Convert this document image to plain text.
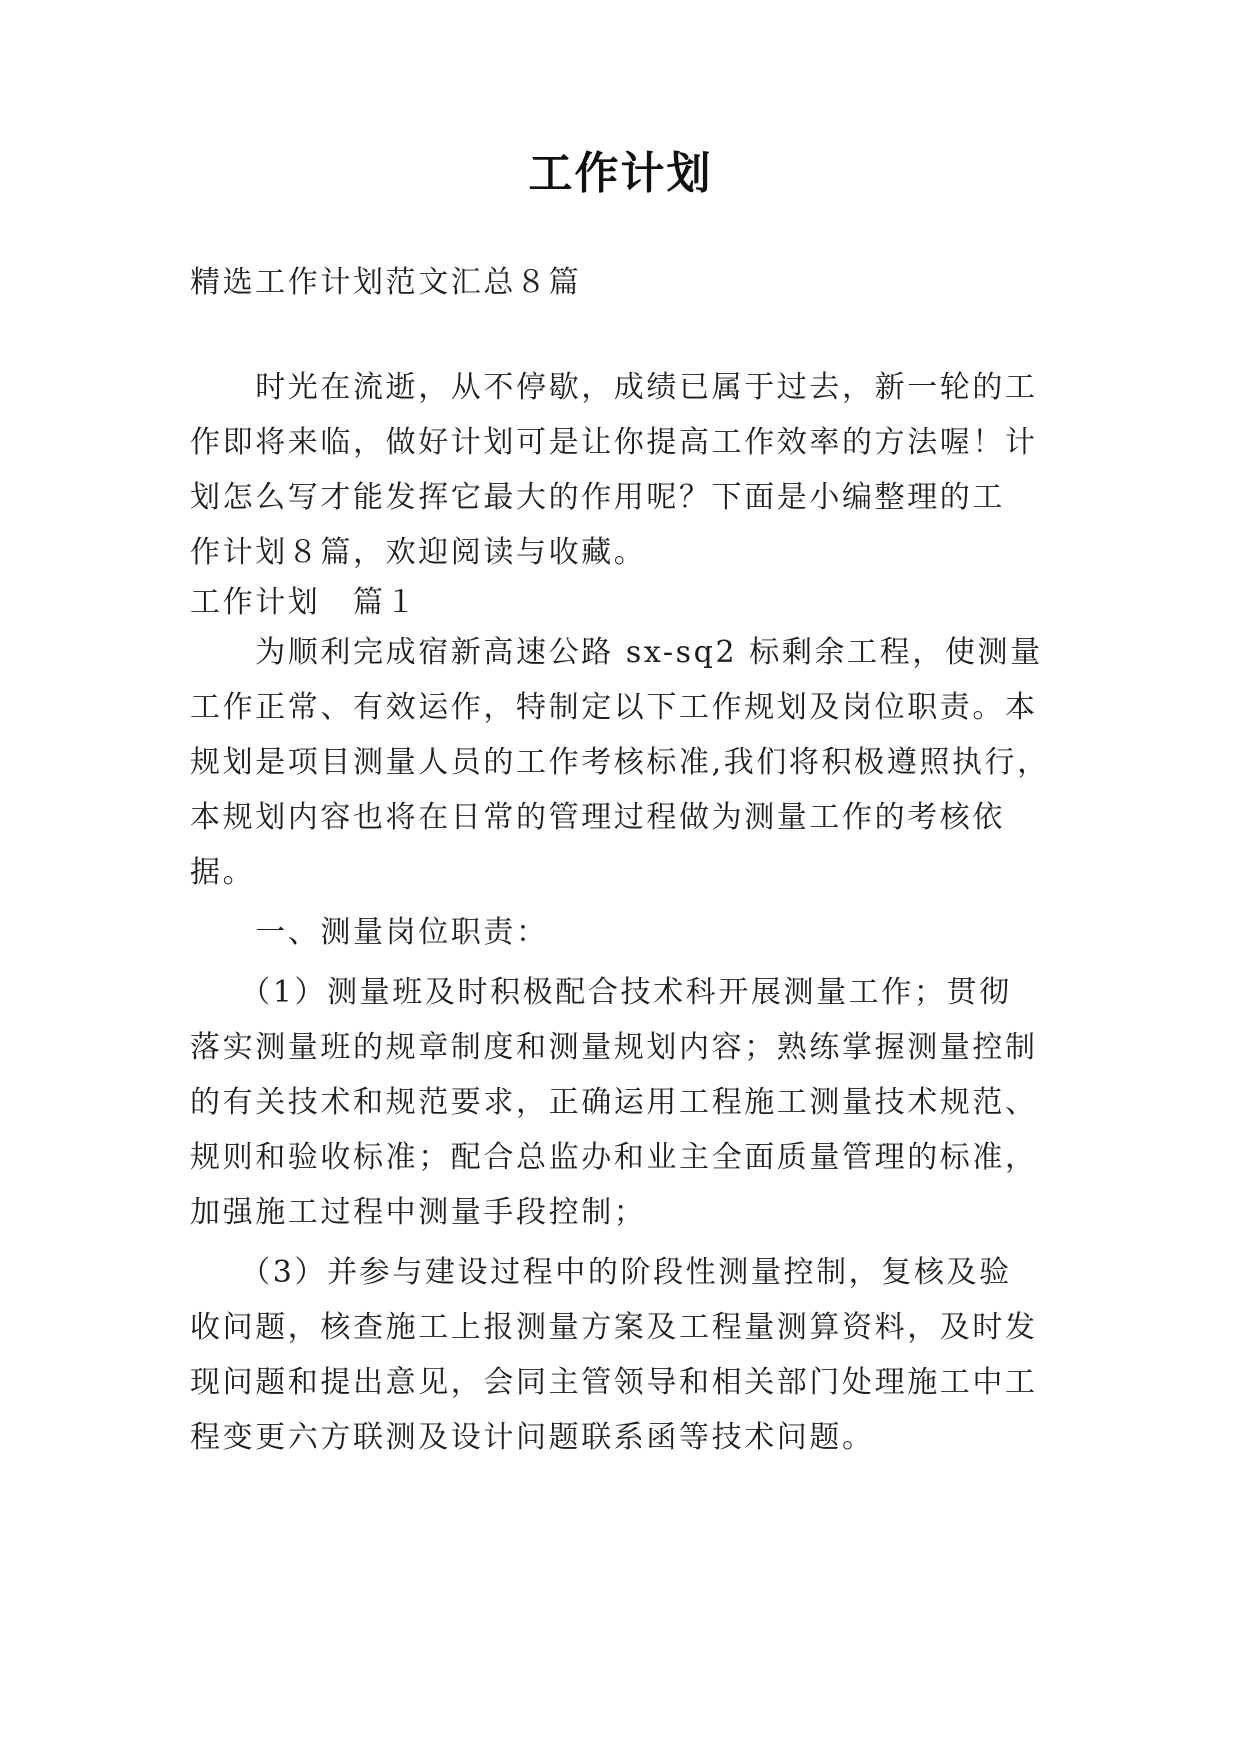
工作计划
精选工作计划范文汇总８篇
　　时光在流逝，从不停歇，成绩已属于过去，新一轮的工
作即将来临，做好计划可是让你提高工作效率的方法喔！计
划怎么写才能发挥它最大的作用呢？下面是小编整理的工
作计划８篇，欢迎阅读与收藏。
工作计划　篇１
　　为顺利完成宿新高速公路 sx-sq2 标剩余工程，使测量
工作正常、有效运作，特制定以下工作规划及岗位职责。本
规划是项目测量人员的工作考核标准,我们将积极遵照执行，
本规划内容也将在日常的管理过程做为测量工作的考核依
据。
　　一、测量岗位职责：
　　（1）测量班及时积极配合技术科开展测量工作；贯彻
落实测量班的规章制度和测量规划内容；熟练掌握测量控制
的有关技术和规范要求，正确运用工程施工测量技术规范、
规则和验收标准；配合总监办和业主全面质量管理的标准，
加强施工过程中测量手段控制；
　　（3）并参与建设过程中的阶段性测量控制，复核及验
收问题，核查施工上报测量方案及工程量测算资料，及时发
现问题和提出意见，会同主管领导和相关部门处理施工中工
程变更六方联测及设计问题联系函等技术问题。
